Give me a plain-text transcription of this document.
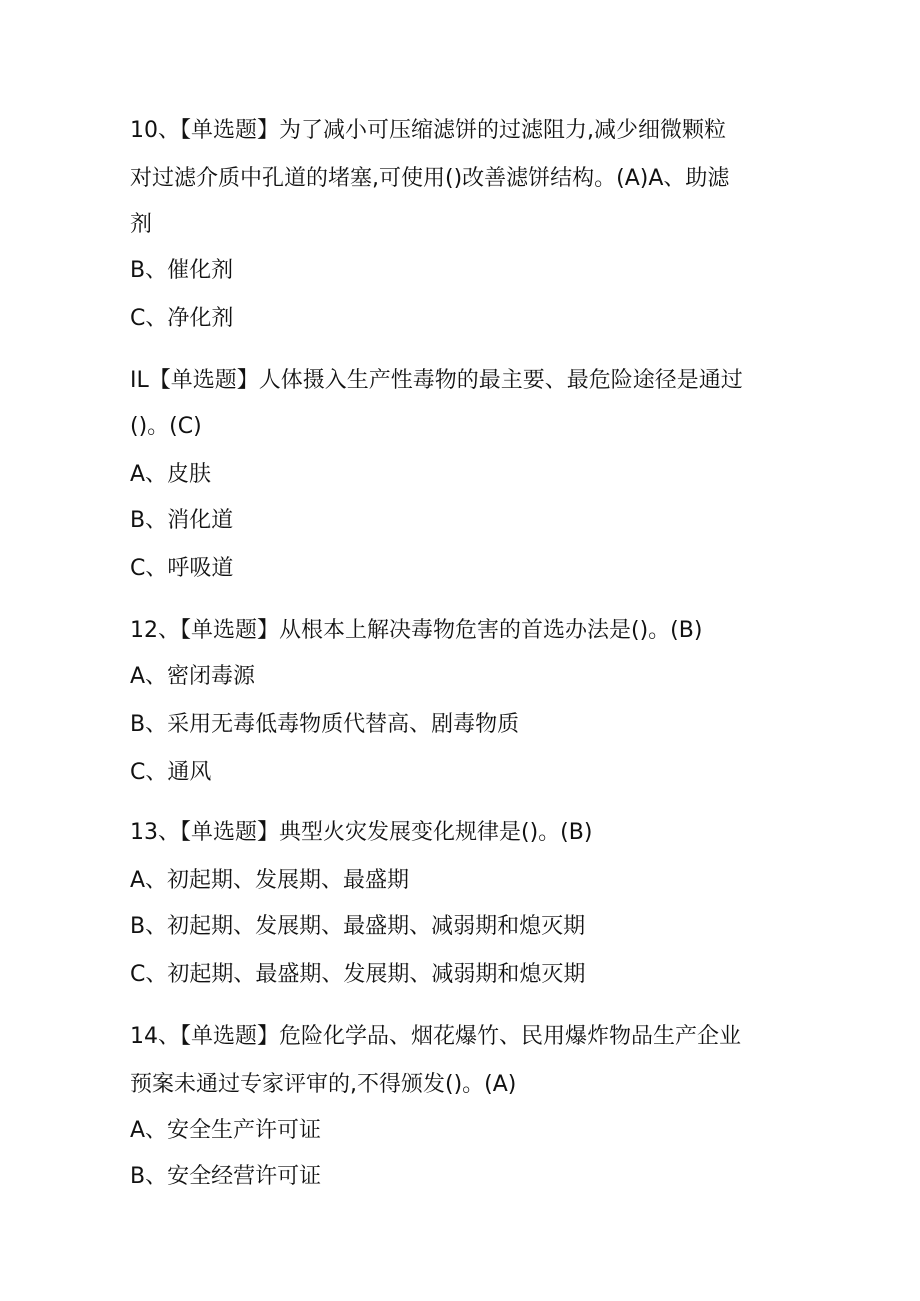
10、【单选题】为了减小可压缩滤饼的过滤阻力,减少细微颗粒
对过滤介质中孔道的堵塞,可使用()改善滤饼结构。(A)A、助滤
剂
B、催化剂
C、净化剂
IL【单选题】人体摄入生产性毒物的最主要、最危险途径是通过
()。(C)
A、皮肤
B、消化道
C、呼吸道
12、【单选题】从根本上解决毒物危害的首选办法是()。(B)
A、密闭毒源
B、采用无毒低毒物质代替高、剧毒物质
C、通风
13、【单选题】典型火灾发展变化规律是()。(B)
A、初起期、发展期、最盛期
B、初起期、发展期、最盛期、减弱期和熄灭期
C、初起期、最盛期、发展期、减弱期和熄灭期
14、【单选题】危险化学品、烟花爆竹、民用爆炸物品生产企业
预案未通过专家评审的,不得颁发()。(A)
A、安全生产许可证
B、安全经营许可证
